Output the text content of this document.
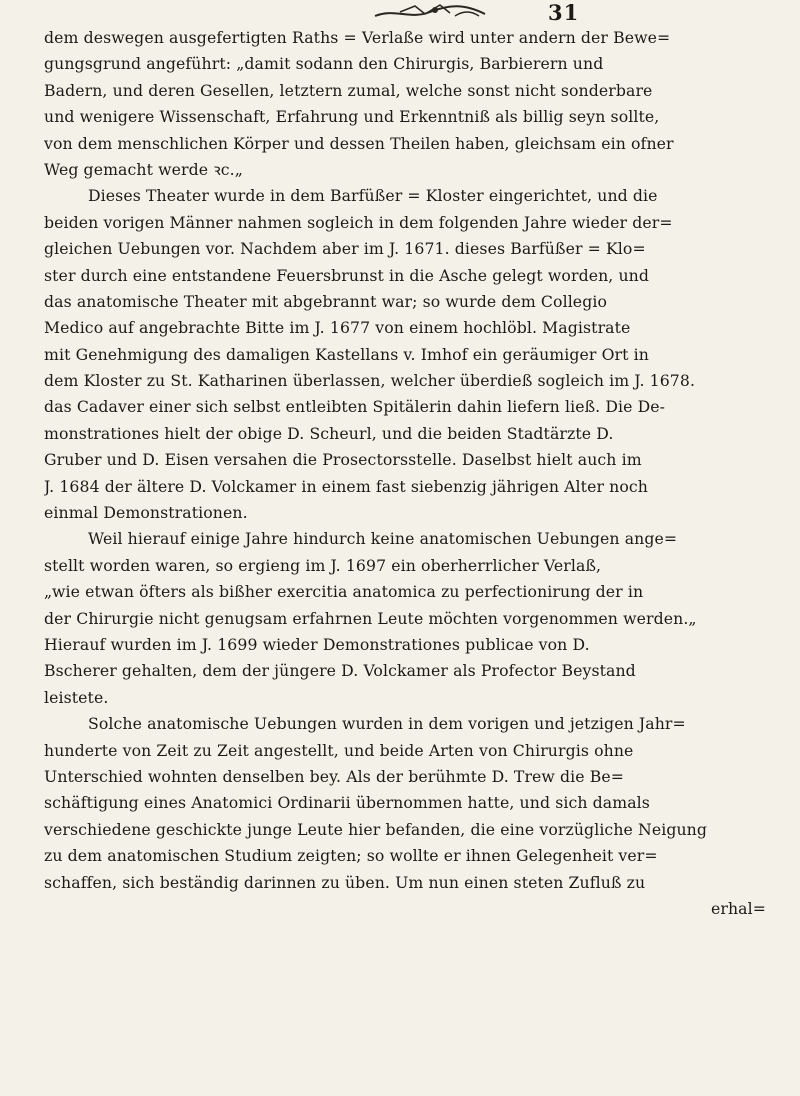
31
dem deswegen ausgefertigten Raths = Verlaße wird unter andern der Bewe=
gungsgrund angeführt: „damit sodann den Chirurgis, Barbierern und
Badern, und deren Gesellen, letztern zumal, welche sonst nicht sonderbare
und wenigere Wissenschaft, Erfahrung und Erkenntniß als billig seyn sollte,
von dem menschlichen Körper und dessen Theilen haben, gleichsam ein ofner
Weg gemacht werde ꝛc.„
Dieses Theater wurde in dem Barfüßer = Kloster eingerichtet, und die
beiden vorigen Männer nahmen sogleich in dem folgenden Jahre wieder der=
gleichen Uebungen vor. Nachdem aber im J. 1671. dieses Barfüßer = Klo=
ster durch eine entstandene Feuersbrunst in die Asche gelegt worden, und
das anatomische Theater mit abgebrannt war; so wurde dem Collegio
Medico auf angebrachte Bitte im J. 1677 von einem hochlöbl. Magistrate
mit Genehmigung des damaligen Kastellans v. Imhof ein geräumiger Ort in
dem Kloster zu St. Katharinen überlassen, welcher überdieß sogleich im J. 1678.
das Cadaver einer sich selbst entleibten Spitälerin dahin liefern ließ. Die De-
monstrationes hielt der obige D. Scheurl, und die beiden Stadtärzte D.
Gruber und D. Eisen versahen die Prosectorsstelle. Daselbst hielt auch im
J. 1684 der ältere D. Volckamer in einem fast siebenzig jährigen Alter noch
einmal Demonstrationen.
Weil hierauf einige Jahre hindurch keine anatomischen Uebungen ange=
stellt worden waren, so ergieng im J. 1697 ein oberherrlicher Verlaß,
„wie etwan öfters als bißher exercitia anatomica zu perfectionirung der in
der Chirurgie nicht genugsam erfahrnen Leute möchten vorgenommen werden.„
Hierauf wurden im J. 1699 wieder Demonstrationes publicae von D.
Bscherer gehalten, dem der jüngere D. Volckamer als Profector Beystand
leistete.
Solche anatomische Uebungen wurden in dem vorigen und jetzigen Jahr=
hunderte von Zeit zu Zeit angestellt, und beide Arten von Chirurgis ohne
Unterschied wohnten denselben bey. Als der berühmte D. Trew die Be=
schäftigung eines Anatomici Ordinarii übernommen hatte, und sich damals
verschiedene geschickte junge Leute hier befanden, die eine vorzügliche Neigung
zu dem anatomischen Studium zeigten; so wollte er ihnen Gelegenheit ver=
schaffen, sich beständig darinnen zu üben. Um nun einen steten Zufluß zu
erhal=
